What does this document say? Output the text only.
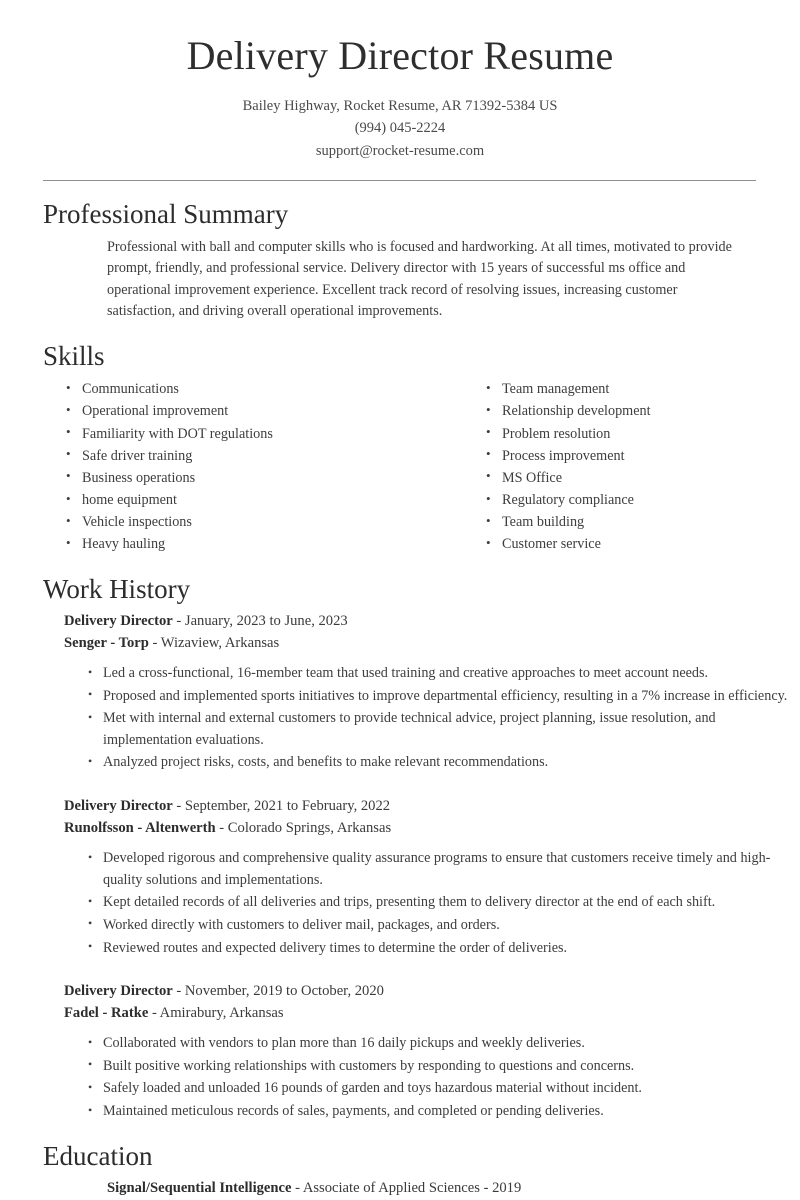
Delivery Director Resume
Bailey Highway, Rocket Resume, AR 71392-5384 US
(994) 045-2224
support@rocket-resume.com
Professional Summary

Professional with ball and computer skills who is focused and hardworking. At all times, motivated to provide prompt, friendly, and professional service. Delivery director with 15 years of successful ms office and operational improvement experience. Excellent track record of resolving issues, increasing customer satisfaction, and driving overall operational improvements.

Skills
• Communications
• Operational improvement
• Familiarity with DOT regulations
• Safe driver training
• Business operations
• home equipment
• Vehicle inspections
• Heavy hauling
• Team management
• Relationship development
• Problem resolution
• Process improvement
• MS Office
• Regulatory compliance
• Team building
• Customer service
Work History
Delivery Director - January, 2023 to June, 2023
Senger - Torp - Wizaview, Arkansas
• Led a cross-functional, 16-member team that used training and creative approaches to meet account needs.
• Proposed and implemented sports initiatives to improve departmental efficiency, resulting in a 7% increase in efficiency.
• Met with internal and external customers to provide technical advice, project planning, issue resolution, and implementation evaluations.
• Analyzed project risks, costs, and benefits to make relevant recommendations.
Delivery Director - September, 2021 to February, 2022
Runolfsson - Altenwerth - Colorado Springs, Arkansas
• Developed rigorous and comprehensive quality assurance programs to ensure that customers receive timely and high-quality solutions and implementations.
• Kept detailed records of all deliveries and trips, presenting them to delivery director at the end of each shift.
• Worked directly with customers to deliver mail, packages, and orders.
• Reviewed routes and expected delivery times to determine the order of deliveries.
Delivery Director - November, 2019 to October, 2020
Fadel - Ratke - Amirabury, Arkansas
• Collaborated with vendors to plan more than 16 daily pickups and weekly deliveries.
• Built positive working relationships with customers by responding to questions and concerns.
• Safely loaded and unloaded 16 pounds of garden and toys hazardous material without incident.
• Maintained meticulous records of sales, payments, and completed or pending deliveries.
Education
Signal/Sequential Intelligence - Associate of Applied Sciences - 2019
